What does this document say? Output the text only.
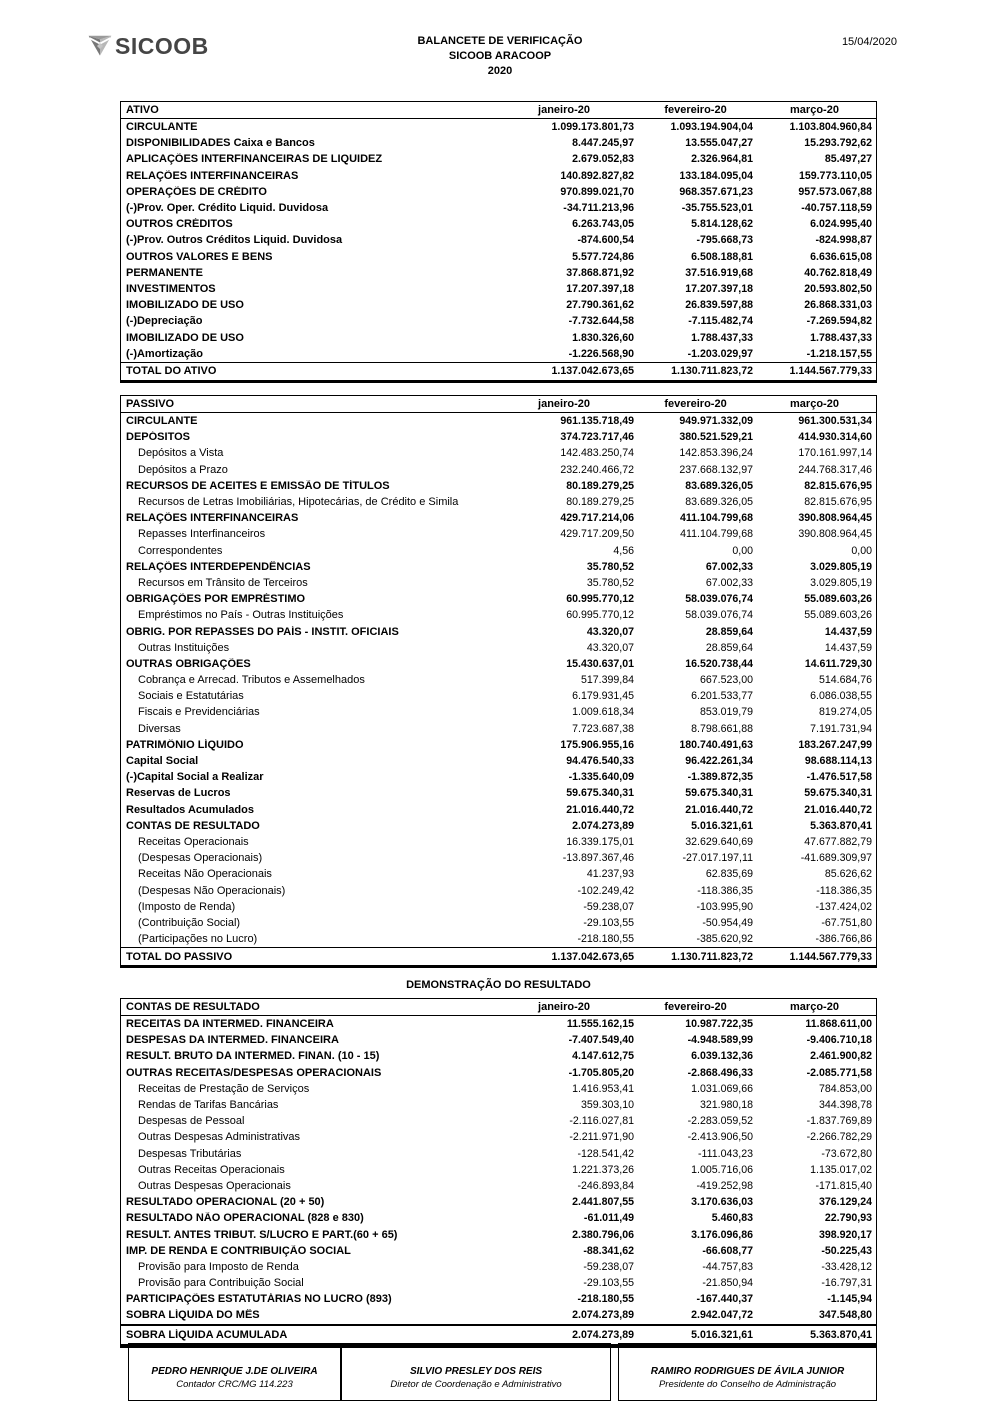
SICOOB	BALANCETE DE VERIFICAÇÃO
SICOOB ARACOOP
2020
15/04/2020
ATIVO	janeiro-20	fevereiro-20	março-20
CIRCULANTE	1.099.173.801,73	1.093.194.904,04	1.103.804.960,84
DISPONIBILIDADES Caixa e Bancos	8.447.245,97	13.555.047,27	15.293.792,62
APLICAÇÕES INTERFINANCEIRAS DE LIQUIDEZ	2.679.052,83	2.326.964,81	85.497,27
RELAÇÕES INTERFINANCEIRAS	140.892.827,82	133.184.095,04	159.773.110,05
OPERAÇÕES DE CRÉDITO	970.899.021,70	968.357.671,23	957.573.067,88
(-)Prov. Oper. Crédito Liquid. Duvidosa	-34.711.213,96	-35.755.523,01	-40.757.118,59
OUTROS CRÉDITOS	6.263.743,05	5.814.128,62	6.024.995,40
(-)Prov. Outros Créditos Liquid. Duvidosa	-874.600,54	-795.668,73	-824.998,87
OUTROS VALORES E BENS	5.577.724,86	6.508.188,81	6.636.615,08
PERMANENTE	37.868.871,92	37.516.919,68	40.762.818,49
INVESTIMENTOS	17.207.397,18	17.207.397,18	20.593.802,50
IMOBILIZADO DE USO	27.790.361,62	26.839.597,88	26.868.331,03
(-)Depreciação	-7.732.644,58	-7.115.482,74	-7.269.594,82
IMOBILIZADO DE USO	1.830.326,60	1.788.437,33	1.788.437,33
(-)Amortização	-1.226.568,90	-1.203.029,97	-1.218.157,55
TOTAL DO ATIVO	1.137.042.673,65	1.130.711.823,72	1.144.567.779,33
PASSIVO	janeiro-20	fevereiro-20	março-20
CIRCULANTE	961.135.718,49	949.971.332,09	961.300.531,34
DEPÓSITOS	374.723.717,46	380.521.529,21	414.930.314,60
Depósitos a Vista	142.483.250,74	142.853.396,24	170.161.997,14
Depósitos a Prazo	232.240.466,72	237.668.132,97	244.768.317,46
RECURSOS DE ACEITES E EMISSÃO DE TÍTULOS	80.189.279,25	83.689.326,05	82.815.676,95
Recursos de Letras Imobiliárias, Hipotecárias, de Crédito e Simila	80.189.279,25	83.689.326,05	82.815.676,95
RELAÇÕES INTERFINANCEIRAS	429.717.214,06	411.104.799,68	390.808.964,45
Repasses Interfinanceiros	429.717.209,50	411.104.799,68	390.808.964,45
Correspondentes	4,56	0,00	0,00
RELAÇÕES INTERDEPENDÊNCIAS	35.780,52	67.002,33	3.029.805,19
Recursos em Trânsito de Terceiros	35.780,52	67.002,33	3.029.805,19
OBRIGAÇÕES POR EMPRÉSTIMO	60.995.770,12	58.039.076,74	55.089.603,26
Empréstimos no País - Outras Instituições	60.995.770,12	58.039.076,74	55.089.603,26
OBRIG. POR REPASSES DO PAÍS - INSTIT. OFICIAIS	43.320,07	28.859,64	14.437,59
Outras Instituições	43.320,07	28.859,64	14.437,59
OUTRAS OBRIGAÇÕES	15.430.637,01	16.520.738,44	14.611.729,30
Cobrança e Arrecad. Tributos e Assemelhados	517.399,84	667.523,00	514.684,76
Sociais e Estatutárias	6.179.931,45	6.201.533,77	6.086.038,55
Fiscais e Previdenciárias	1.009.618,34	853.019,79	819.274,05
Diversas	7.723.687,38	8.798.661,88	7.191.731,94
PATRIMÔNIO LÍQUIDO	175.906.955,16	180.740.491,63	183.267.247,99
Capital Social	94.476.540,33	96.422.261,34	98.688.114,13
(-)Capital Social a Realizar	-1.335.640,09	-1.389.872,35	-1.476.517,58
Reservas de Lucros	59.675.340,31	59.675.340,31	59.675.340,31
Resultados Acumulados	21.016.440,72	21.016.440,72	21.016.440,72
CONTAS DE RESULTADO	2.074.273,89	5.016.321,61	5.363.870,41
Receitas Operacionais	16.339.175,01	32.629.640,69	47.677.882,79
(Despesas Operacionais)	-13.897.367,46	-27.017.197,11	-41.689.309,97
Receitas Não Operacionais	41.237,93	62.835,69	85.626,62
(Despesas Não Operacionais)	-102.249,42	-118.386,35	-118.386,35
(Imposto de Renda)	-59.238,07	-103.995,90	-137.424,02
(Contribuição Social)	-29.103,55	-50.954,49	-67.751,80
(Participações no Lucro)	-218.180,55	-385.620,92	-386.766,86
TOTAL DO PASSIVO	1.137.042.673,65	1.130.711.823,72	1.144.567.779,33
DEMONSTRAÇÃO DO RESULTADO
CONTAS DE RESULTADO	janeiro-20	fevereiro-20	março-20
RECEITAS DA INTERMED. FINANCEIRA	11.555.162,15	10.987.722,35	11.868.611,00
DESPESAS DA INTERMED. FINANCEIRA	-7.407.549,40	-4.948.589,99	-9.406.710,18
RESULT. BRUTO DA INTERMED. FINAN. (10 - 15)	4.147.612,75	6.039.132,36	2.461.900,82
OUTRAS RECEITAS/DESPESAS OPERACIONAIS	-1.705.805,20	-2.868.496,33	-2.085.771,58
Receitas de Prestação de Serviços	1.416.953,41	1.031.069,66	784.853,00
Rendas de Tarifas Bancárias	359.303,10	321.980,18	344.398,78
Despesas de Pessoal	-2.116.027,81	-2.283.059,52	-1.837.769,89
Outras Despesas Administrativas	-2.211.971,90	-2.413.906,50	-2.266.782,29
Despesas Tributárias	-128.541,42	-111.043,23	-73.672,80
Outras Receitas Operacionais	1.221.373,26	1.005.716,06	1.135.017,02
Outras Despesas Operacionais	-246.893,84	-419.252,98	-171.815,40
RESULTADO OPERACIONAL (20 + 50)	2.441.807,55	3.170.636,03	376.129,24
RESULTADO NÃO OPERACIONAL (828 e 830)	-61.011,49	5.460,83	22.790,93
RESULT. ANTES TRIBUT. S/LUCRO E PART.(60 + 65)	2.380.796,06	3.176.096,86	398.920,17
IMP. DE RENDA E CONTRIBUIÇÃO SOCIAL	-88.341,62	-66.608,77	-50.225,43
Provisão para Imposto de Renda	-59.238,07	-44.757,83	-33.428,12
Provisão para Contribuição Social	-29.103,55	-21.850,94	-16.797,31
PARTICIPAÇÕES ESTATUTÁRIAS NO LUCRO (893)	-218.180,55	-167.440,37	-1.145,94
SOBRA LÍQUIDA DO MÊS	2.074.273,89	2.942.047,72	347.548,80
SOBRA LÍQUIDA ACUMULADA	2.074.273,89	5.016.321,61	5.363.870,41
PEDRO HENRIQUE J.DE OLIVEIRA
Contador CRC/MG 114.223
SILVIO PRESLEY DOS REIS
Diretor de Coordenação e Administrativo
RAMIRO RODRIGUES DE ÁVILA JUNIOR
Presidente do Conselho de Administração
